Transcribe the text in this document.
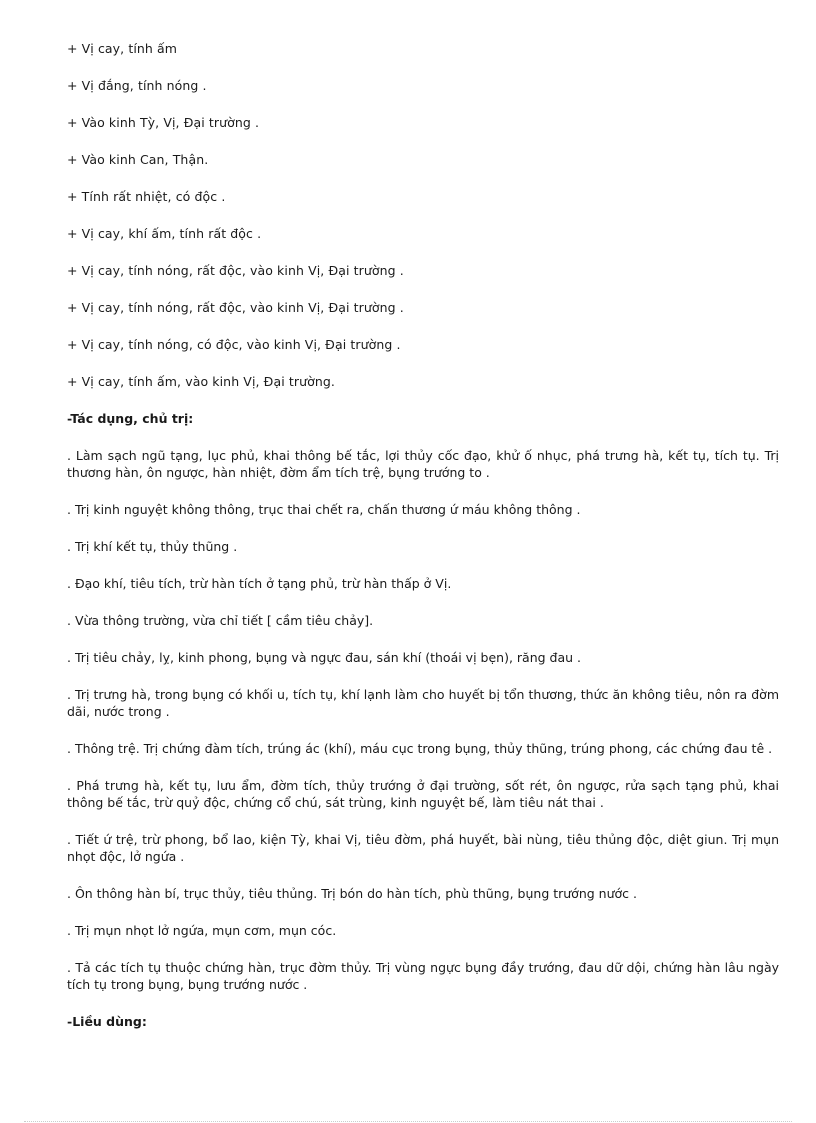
+ Vị cay, tính ấm
+ Vị đắng, tính nóng .
+ Vào kinh Tỳ, Vị, Đại trường .
+ Vào kinh Can, Thận.
+ Tính rất nhiệt, có độc .
+ Vị cay, khí ấm, tính rất độc .
+ Vị cay, tính nóng, rất độc, vào kinh Vị, Đại trường .
+ Vị cay, tính nóng, rất độc, vào kinh Vị, Đại trường .
+ Vị cay, tính nóng, có độc, vào kinh Vị, Đại trường .
+ Vị cay, tính ấm, vào kinh Vị, Đại trường.
-Tác dụng, chủ trị:
. Làm sạch ngũ tạng, lục phủ, khai thông bế tắc, lợi thủy cốc đạo, khử ố nhục, phá trưng hà, kết tụ, tích tụ. Trị thương hàn, ôn ngược, hàn nhiệt, đờm ẩm tích trệ, bụng trướng to .
. Trị kinh nguyệt không thông, trục thai chết ra, chấn thương ứ máu không thông .
. Trị khí kết tụ, thủy thũng .
. Đạo khí, tiêu tích, trừ hàn tích ở tạng phủ, trừ hàn thấp ở Vị.
. Vừa thông trường, vừa chỉ tiết [ cầm tiêu chảy].
. Trị tiêu chảy, lỵ, kinh phong, bụng và ngực đau, sán khí (thoái vị bẹn), răng đau .
. Trị trưng hà, trong bụng có khối u, tích tụ, khí lạnh làm cho huyết bị tổn thương, thức ăn không tiêu, nôn ra đờm dãi, nước trong .
. Thông trệ. Trị chứng đàm tích, trúng ác (khí), máu cục trong bụng, thủy thũng, trúng phong, các chứng đau tê .
. Phá trưng hà, kết tụ, lưu ẩm, đờm tích, thủy trướng ở đại trường, sốt rét, ôn ngược, rửa sạch tạng phủ, khai thông bế tắc, trừ quỷ độc, chứng cổ chú, sát trùng, kinh nguyệt bế, làm tiêu nát thai .
. Tiết ứ trệ, trừ phong, bổ lao, kiện Tỳ, khai Vị, tiêu đờm, phá huyết, bài nùng, tiêu thủng độc, diệt giun. Trị mụn nhọt độc, lở ngứa .
. Ôn thông hàn bí, trục thủy, tiêu thủng. Trị bón do hàn tích, phù thũng, bụng trướng nước .
. Trị mụn nhọt lở ngứa, mụn cơm, mụn cóc.
. Tả các tích tụ thuộc chứng hàn, trục đờm thủy. Trị vùng ngực bụng đầy trướng, đau dữ dội, chứng hàn lâu ngày tích tụ trong bụng, bụng trướng nước .
-Liều dùng:
